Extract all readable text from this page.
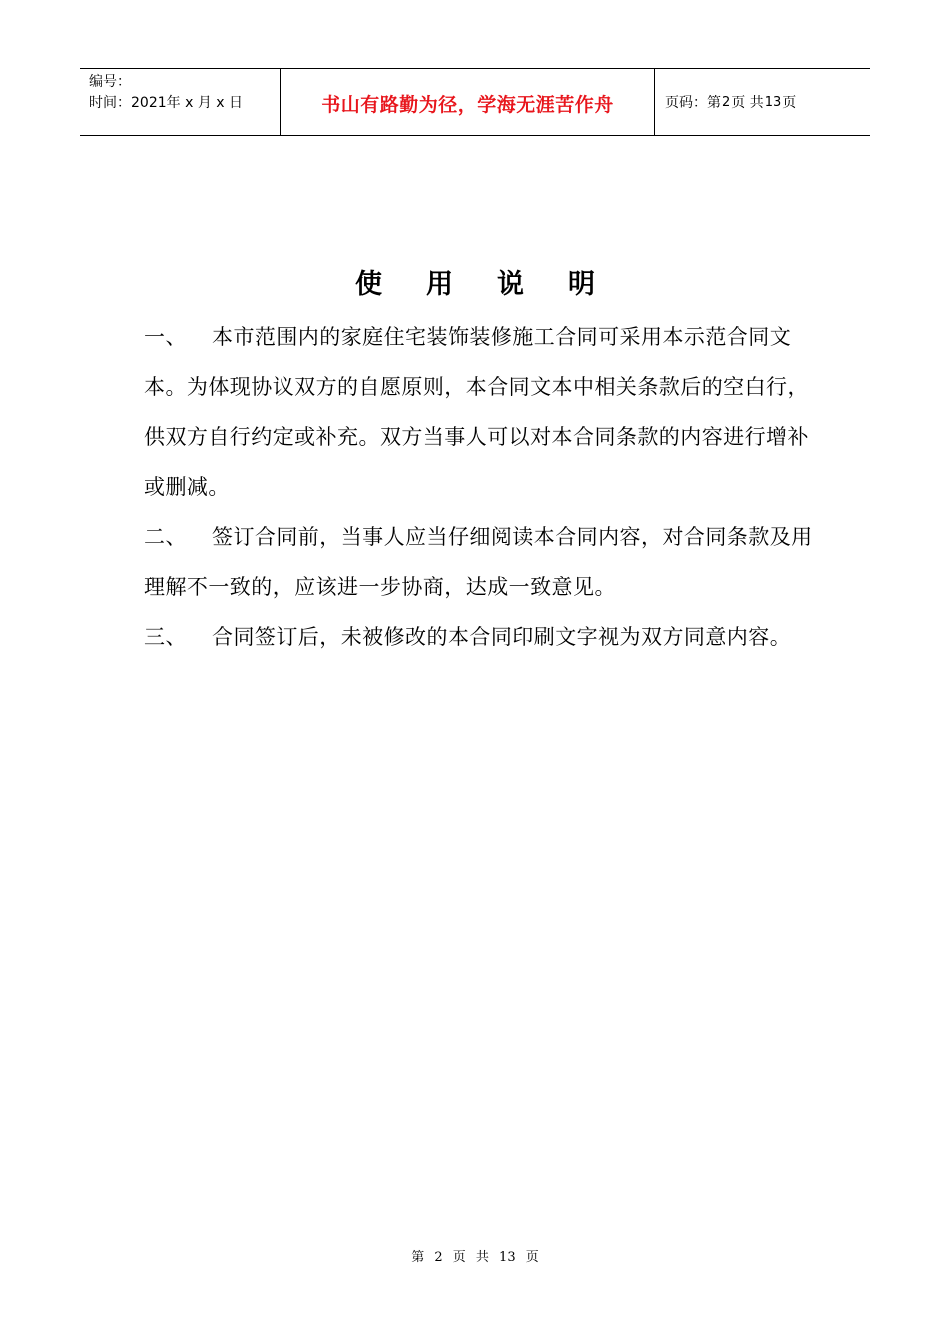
编号：
时间：2021年 x 月 x 日	书山有路勤为径，学海无涯苦作舟	页码：第 2 页 共 13 页
使用说明

一、 本市范围内的家庭住宅装饰装修施工合同可采用本示范合同文本。为体现协议双方的自愿原则，本合同文本中相关条款后的空白行，供双方自行约定或补充。双方当事人可以对本合同条款的内容进行增补或删减。

二、 签订合同前，当事人应当仔细阅读本合同内容，对合同条款及用理解不一致的，应该进一步协商，达成一致意见。

三、 合同签订后，未被修改的本合同印刷文字视为双方同意内容。

第 2 页 共 13 页
